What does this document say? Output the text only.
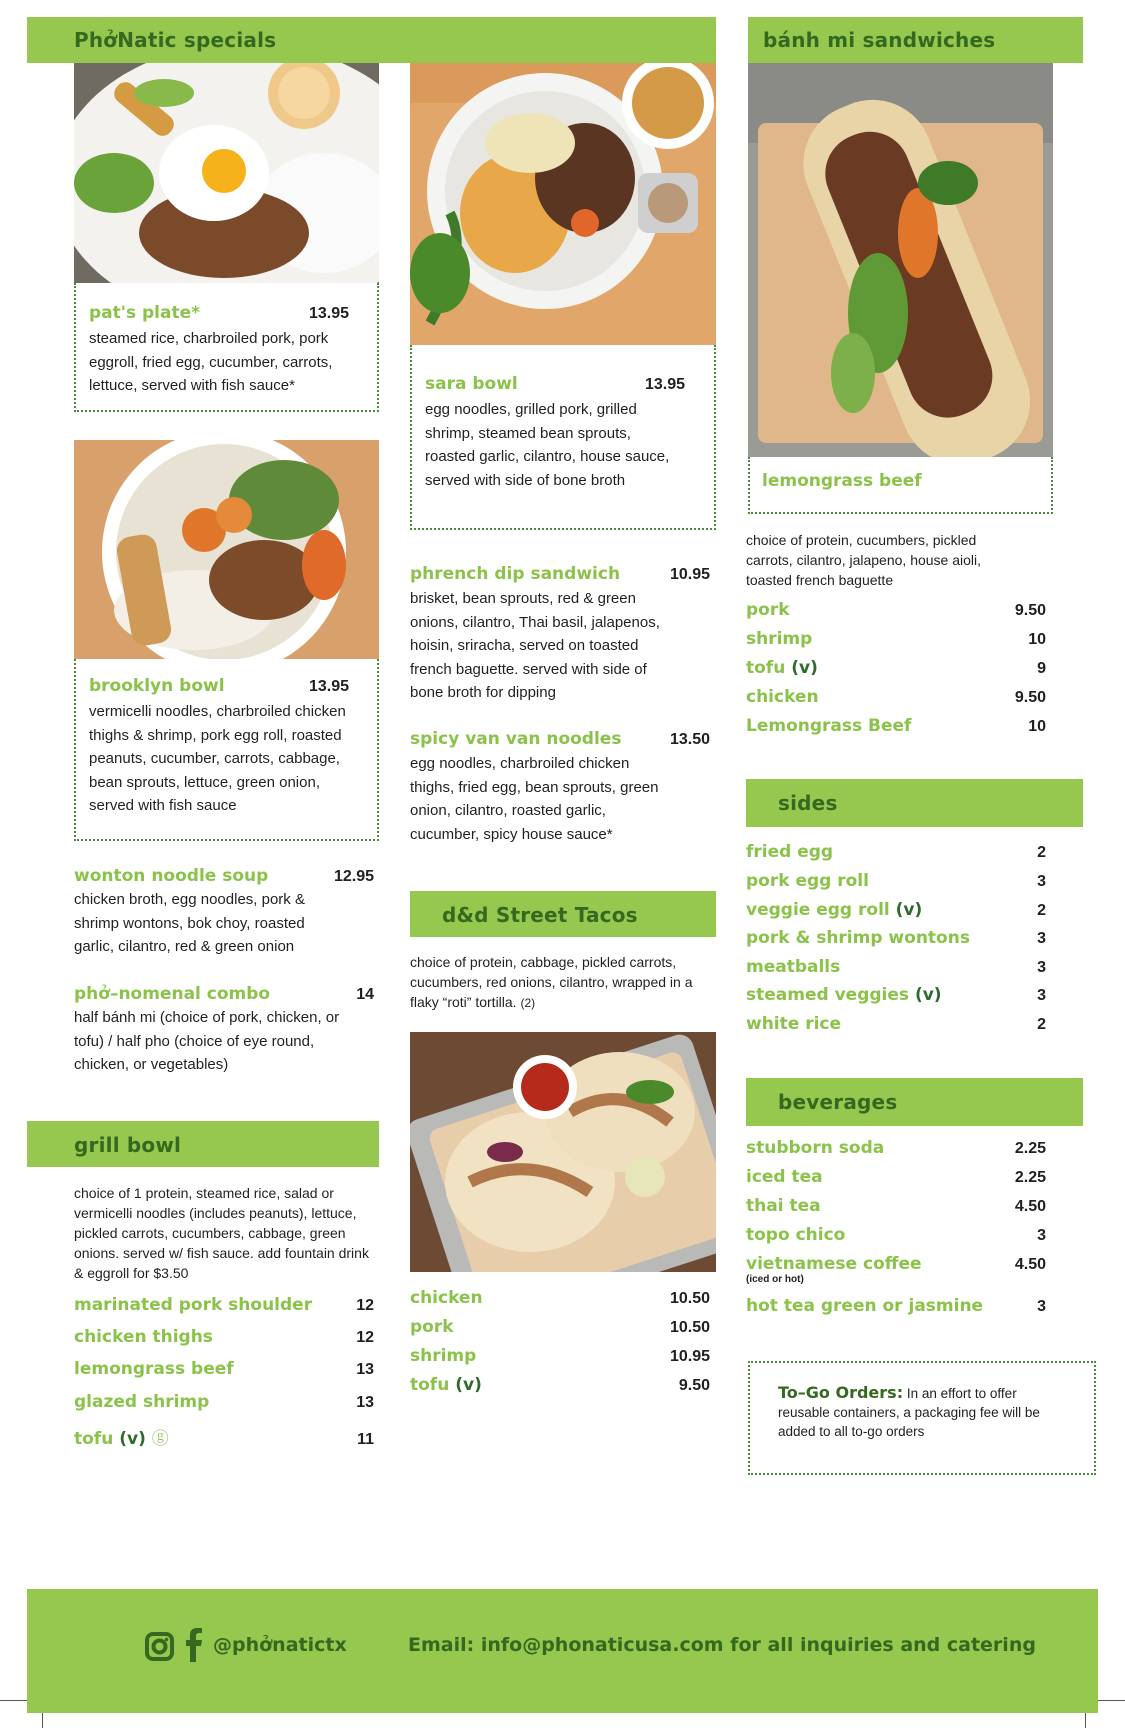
PhởNatic specials
pat's plate*	13.95
steamed rice, charbroiled pork, pork eggroll, fried egg, cucumber, carrots, lettuce, served with fish sauce*
brooklyn bowl	13.95
vermicelli noodles, charbroiled chicken thighs & shrimp, pork egg roll, roasted peanuts, cucumber, carrots, cabbage, bean sprouts, lettuce, green onion, served with fish sauce
wonton noodle soup	12.95
chicken broth, egg noodles, pork & shrimp wontons, bok choy, roasted garlic, cilantro, red & green onion
phở–nomenal combo	14
half bánh mi (choice of pork, chicken, or tofu) / half pho (choice of eye round, chicken, or vegetables)
grill bowl
choice of 1 protein, steamed rice, salad or vermicelli noodles (includes peanuts), lettuce, pickled carrots, cucumbers, cabbage, green onions. served w/ fish sauce. add fountain drink & eggroll for $3.50
marinated pork shoulder	12
chicken thighs	12
lemongrass beef	13
glazed shrimp	13
tofu (v) ⓖ	11
sara bowl	13.95
egg noodles, grilled pork, grilled shrimp, steamed bean sprouts, roasted garlic, cilantro, house sauce, served with side of bone broth
phrench dip sandwich	10.95
brisket, bean sprouts, red & green onions, cilantro, Thai basil, jalapenos, hoisin, sriracha, served on toasted french baguette. served with side of bone broth for dipping
spicy van van noodles	13.50
egg noodles, charbroiled chicken thighs, fried egg, bean sprouts, green onion, cilantro, roasted garlic, cucumber, spicy house sauce*
d&d Street Tacos
choice of protein, cabbage, pickled carrots, cucumbers, red onions, cilantro, wrapped in a flaky “roti” tortilla. (2)
chicken	10.50
pork	10.50
shrimp	10.95
tofu (v)	9.50
bánh mi sandwiches
lemongrass beef
choice of protein, cucumbers, pickled carrots, cilantro, jalapeno, house aioli, toasted french baguette
pork	9.50
shrimp	10
tofu (v)	9
chicken	9.50
Lemongrass Beef	10
sides
fried egg	2
pork egg roll	3
veggie egg roll (v)	2
pork & shrimp wontons	3
meatballs	3
steamed veggies (v)	3
white rice	2
beverages
stubborn soda	2.25
iced tea	2.25
thai tea	4.50
topo chico	3
vietnamese coffee	4.50
(iced or hot)
hot tea green or jasmine	3
To–Go Orders: In an effort to offer reusable containers, a packaging fee will be added to all to-go orders
@phởnatictx	Email: info@phonaticusa.com for all inquiries and catering
